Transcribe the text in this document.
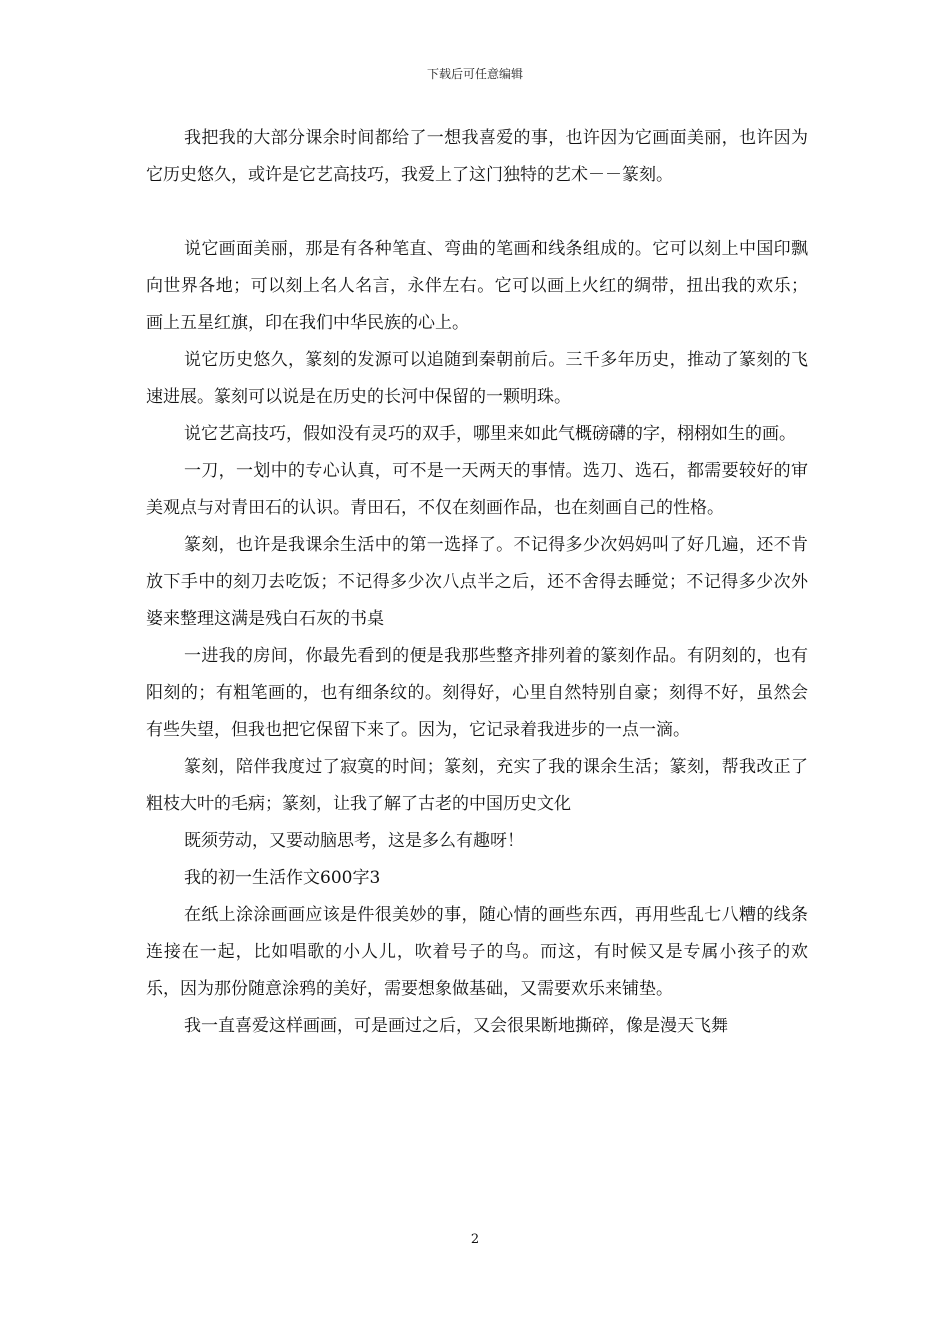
下载后可任意编辑

我把我的大部分课余时间都给了一想我喜爱的事，也许因为它画面美丽，也许因为它历史悠久，或许是它艺高技巧，我爱上了这门独特的艺术－－篆刻。

说它画面美丽，那是有各种笔直、弯曲的笔画和线条组成的。它可以刻上中国印飘向世界各地；可以刻上名人名言，永伴左右。它可以画上火红的绸带，扭出我的欢乐；画上五星红旗，印在我们中华民族的心上。

说它历史悠久，篆刻的发源可以追随到秦朝前后。三千多年历史，推动了篆刻的飞速进展。篆刻可以说是在历史的长河中保留的一颗明珠。

说它艺高技巧，假如没有灵巧的双手，哪里来如此气概磅礴的字，栩栩如生的画。

一刀，一划中的专心认真，可不是一天两天的事情。选刀、选石，都需要较好的审美观点与对青田石的认识。青田石，不仅在刻画作品，也在刻画自己的性格。

篆刻，也许是我课余生活中的第一选择了。不记得多少次妈妈叫了好几遍，还不肯放下手中的刻刀去吃饭；不记得多少次八点半之后，还不舍得去睡觉；不记得多少次外婆来整理这满是残白石灰的书桌

一进我的房间，你最先看到的便是我那些整齐排列着的篆刻作品。有阴刻的，也有阳刻的；有粗笔画的，也有细条纹的。刻得好，心里自然特别自豪；刻得不好，虽然会有些失望，但我也把它保留下来了。因为，它记录着我进步的一点一滴。

篆刻，陪伴我度过了寂寞的时间；篆刻，充实了我的课余生活；篆刻，帮我改正了粗枝大叶的毛病；篆刻，让我了解了古老的中国历史文化

既须劳动，又要动脑思考，这是多么有趣呀！

我的初一生活作文600字3

在纸上涂涂画画应该是件很美妙的事，随心情的画些东西，再用些乱七八糟的线条连接在一起，比如唱歌的小人儿，吹着号子的鸟。而这，有时候又是专属小孩子的欢乐，因为那份随意涂鸦的美好，需要想象做基础，又需要欢乐来铺垫。

我一直喜爱这样画画，可是画过之后，又会很果断地撕碎，像是漫天飞舞

2
